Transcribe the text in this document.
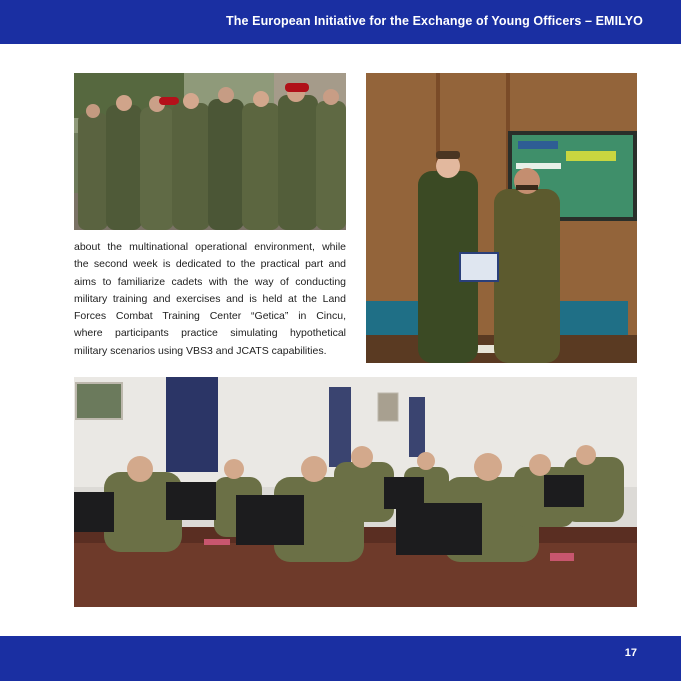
The European Initiative for the Exchange of Young Officers – EMILYO
about the multinational operational environment, while
the second week is dedicated to the practical part and
aims to familiarize cadets with the way of conducting
military training and exercises and is held at the Land
Forces Combat Training Center “Getica” in Cincu,
where participants practice simulating hypothetical
military scenarios using VBS3 and JCATS capabilities.
17
